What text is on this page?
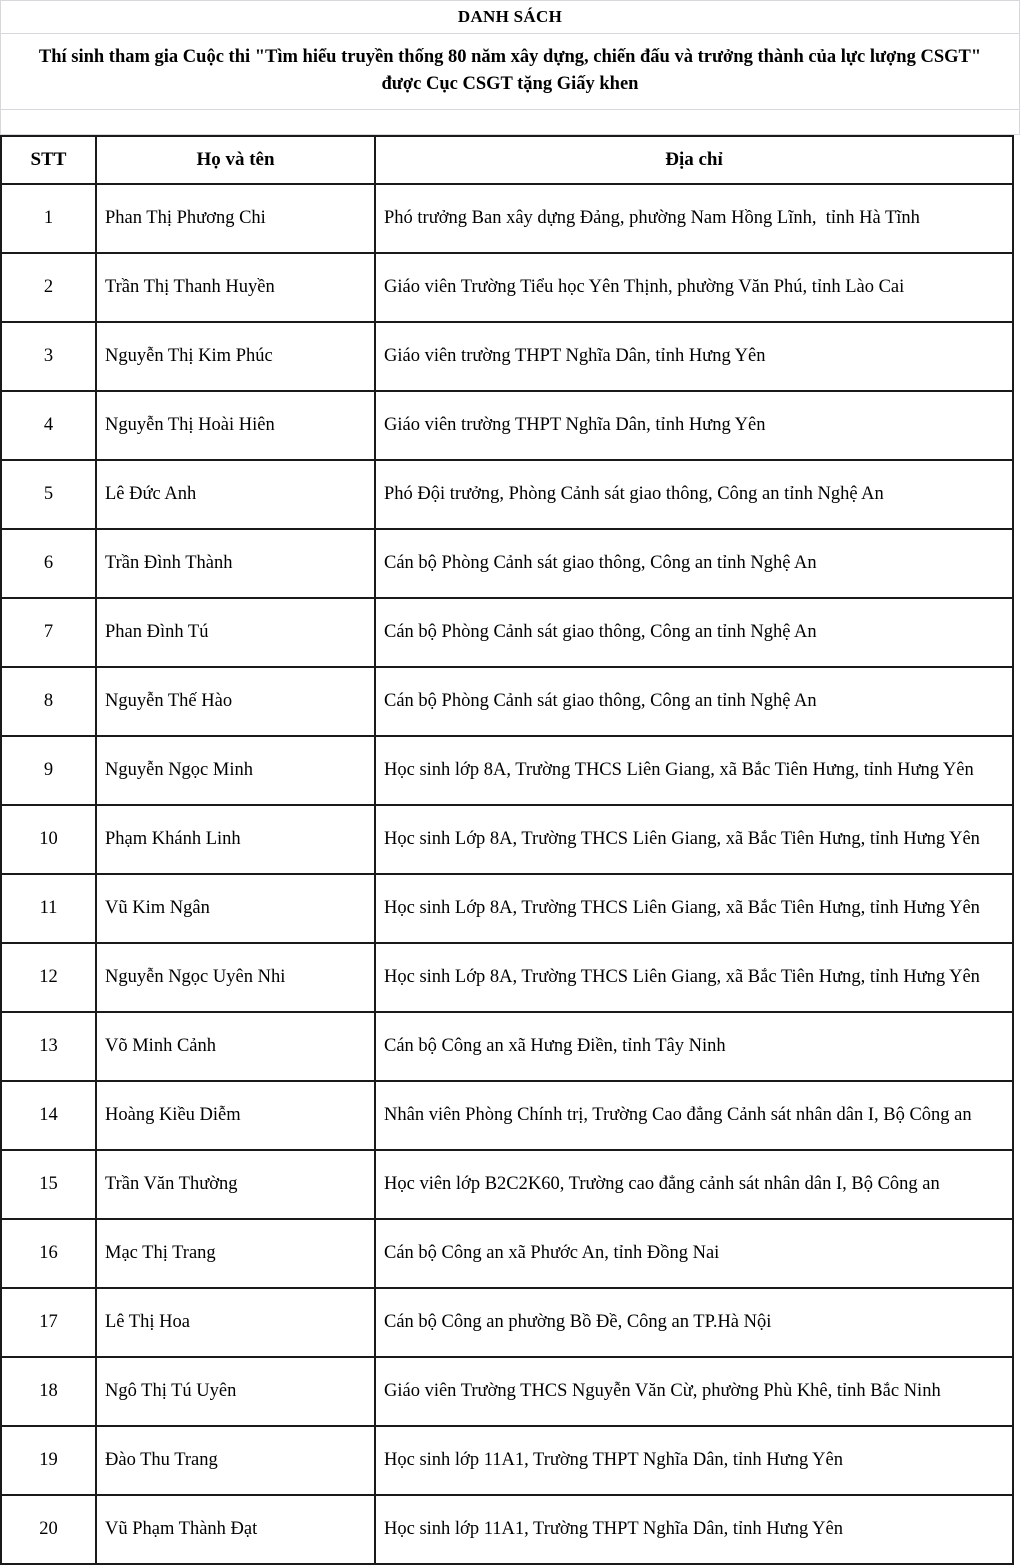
DANH SÁCH
Thí sinh tham gia Cuộc thi "Tìm hiểu truyền thống 80 năm xây dựng, chiến đấu và trưởng thành của lực lượng CSGT"
được Cục CSGT tặng Giấy khen
STT	Họ và tên	Địa chỉ
1	Phan Thị Phương Chi	Phó trưởng Ban xây dựng Đảng, phường Nam Hồng Lĩnh,  tỉnh Hà Tĩnh
2	Trần Thị Thanh Huyền	Giáo viên Trường Tiểu học Yên Thịnh, phường Văn Phú, tỉnh Lào Cai
3	Nguyễn Thị Kim Phúc	Giáo viên trường THPT Nghĩa Dân, tỉnh Hưng Yên
4	Nguyễn Thị Hoài Hiên	Giáo viên trường THPT Nghĩa Dân, tỉnh Hưng Yên
5	Lê Đức Anh	Phó Đội trưởng, Phòng Cảnh sát giao thông, Công an tỉnh Nghệ An
6	Trần Đình Thành	Cán bộ Phòng Cảnh sát giao thông, Công an tỉnh Nghệ An
7	Phan Đình Tú	Cán bộ Phòng Cảnh sát giao thông, Công an tỉnh Nghệ An
8	Nguyễn Thế Hào	Cán bộ Phòng Cảnh sát giao thông, Công an tỉnh Nghệ An
9	Nguyễn Ngọc Minh	Học sinh lớp 8A, Trường THCS Liên Giang, xã Bắc Tiên Hưng, tỉnh Hưng Yên
10	Phạm Khánh Linh	Học sinh Lớp 8A, Trường THCS Liên Giang, xã Bắc Tiên Hưng, tỉnh Hưng Yên
11	Vũ Kim Ngân	Học sinh Lớp 8A, Trường THCS Liên Giang, xã Bắc Tiên Hưng, tỉnh Hưng Yên
12	Nguyễn Ngọc Uyên Nhi	Học sinh Lớp 8A, Trường THCS Liên Giang, xã Bắc Tiên Hưng, tỉnh Hưng Yên
13	Võ Minh Cảnh	Cán bộ Công an xã Hưng Điền, tỉnh Tây Ninh
14	Hoàng Kiều Diễm	Nhân viên Phòng Chính trị, Trường Cao đẳng Cảnh sát nhân dân I, Bộ Công an
15	Trần Văn Thường	Học viên lớp B2C2K60, Trường cao đẳng cảnh sát nhân dân I, Bộ Công an
16	Mạc Thị Trang	Cán bộ Công an xã Phước An, tỉnh Đồng Nai
17	Lê Thị Hoa	Cán bộ Công an phường Bồ Đề, Công an TP.Hà Nội
18	Ngô Thị Tú Uyên	Giáo viên Trường THCS Nguyễn Văn Cừ, phường Phù Khê, tỉnh Bắc Ninh
19	Đào Thu Trang	Học sinh lớp 11A1, Trường THPT Nghĩa Dân, tỉnh Hưng Yên
20	Vũ Phạm Thành Đạt	Học sinh lớp 11A1, Trường THPT Nghĩa Dân, tỉnh Hưng Yên
